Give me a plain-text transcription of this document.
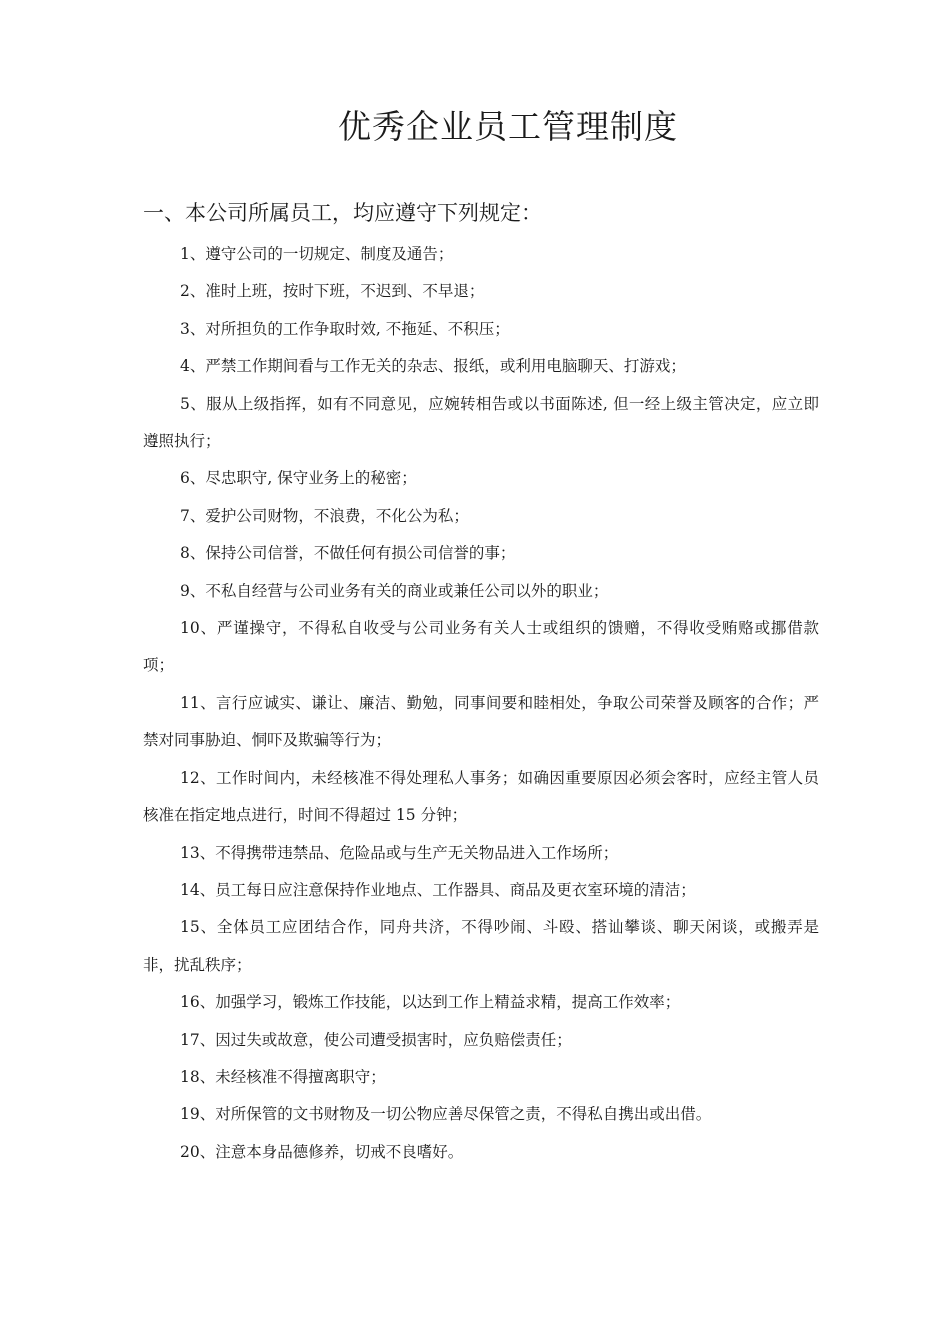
优秀企业员工管理制度
一、本公司所属员工，均应遵守下列规定：
1、遵守公司的一切规定、制度及通告；
2、准时上班，按时下班，不迟到、不早退；
3、对所担负的工作争取时效, 不拖延、不积压；
4、严禁工作期间看与工作无关的杂志、报纸，或利用电脑聊天、打游戏；
5、服从上级指挥，如有不同意见，应婉转相告或以书面陈述, 但一经上级主管决定，应立即遵照执行；
6、尽忠职守, 保守业务上的秘密；
7、爱护公司财物，不浪费，不化公为私；
8、保持公司信誉，不做任何有损公司信誉的事；
9、不私自经营与公司业务有关的商业或兼任公司以外的职业；
10、严谨操守，不得私自收受与公司业务有关人士或组织的馈赠，不得收受贿赂或挪借款项；
11、言行应诚实、谦让、廉洁、勤勉，同事间要和睦相处，争取公司荣誉及顾客的合作；严禁对同事胁迫、恫吓及欺骗等行为；
12、工作时间内，未经核准不得处理私人事务；如确因重要原因必须会客时，应经主管人员核准在指定地点进行，时间不得超过 15 分钟；
13、不得携带违禁品、危险品或与生产无关物品进入工作场所；
14、员工每日应注意保持作业地点、工作器具、商品及更衣室环境的清洁；
15、全体员工应团结合作，同舟共济，不得吵闹、斗殴、搭讪攀谈、聊天闲谈，或搬弄是非，扰乱秩序；
16、加强学习，锻炼工作技能，以达到工作上精益求精，提高工作效率；
17、因过失或故意，使公司遭受损害时，应负赔偿责任；
18、未经核准不得擅离职守；
19、对所保管的文书财物及一切公物应善尽保管之责，不得私自携出或出借。
20、注意本身品德修养，切戒不良嗜好。
